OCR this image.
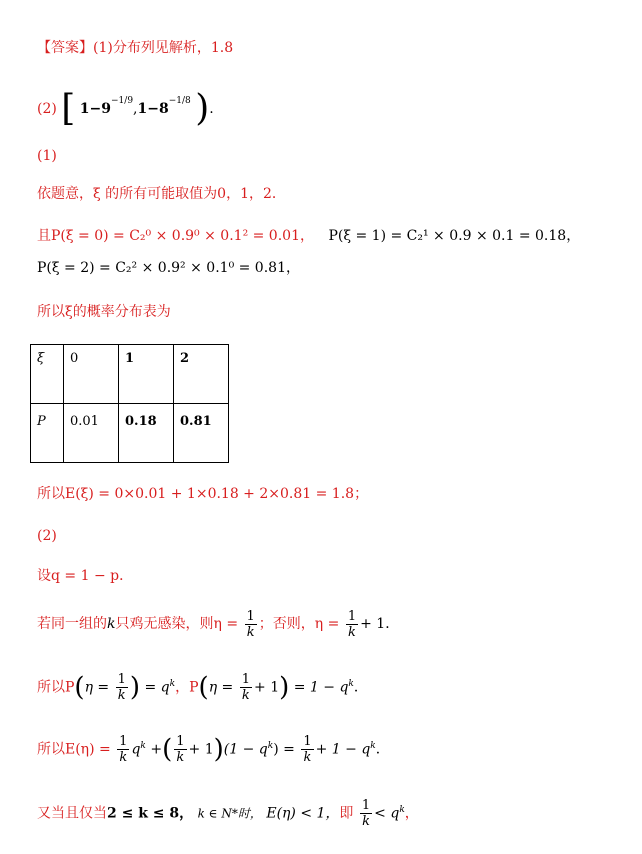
【答案】(1)分布列见解析，1.8
(2) [ 1−9−1/9,1−8−1/8 ).
(1)
依题意，ξ 的所有可能取值为0，1，2．
且P(ξ = 0) = C₂⁰ × 0.9⁰ × 0.1² = 0.01， P(ξ = 1) = C₂¹ × 0.9 × 0.1 = 0.18，
P(ξ = 2) = C₂² × 0.9² × 0.1⁰ = 0.81，
所以ξ的概率分布表为
ξ	0	1	2
P	0.01	0.18	0.81
所以E(ξ) = 0×0.01 + 1×0.18 + 2×0.81 = 1.8；
(2)
设q = 1 − p．
若同一组的k只鸡无感染，则$\eta = \frac{1}{k}$ ；否则，$\eta = \frac{1}{k} + 1$．
所以$P(\eta = \frac{1}{k}$ ) = $q^k$，$P(\eta = \frac{1}{k} + 1) = 1 - q^k$．
所以$E(\eta) = \frac{1}{k} q^k$ +( $\frac{1}{k} + 1)(1 - q^k) = \frac{1}{k} + 1 - q^k$．
又当且仅当2 ≤ k ≤ 8， k ∈ N*时， E(η) < 1，即 $\frac{1}{k} < q^k$，
